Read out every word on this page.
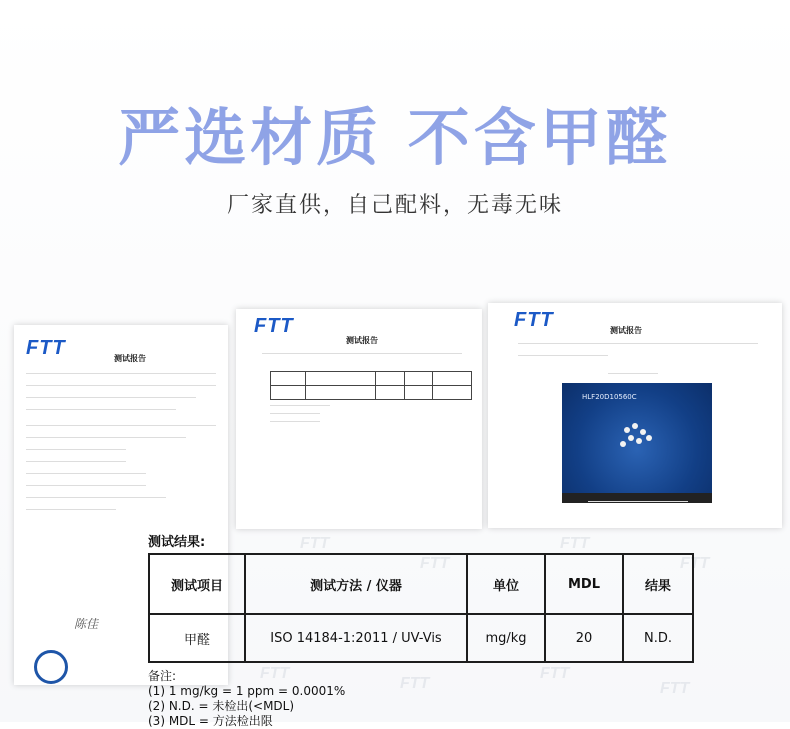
严选材质 不含甲醛
厂家直供，自己配料，无毒无味
FTT	测试报告
陈佳
FTT
测试报告
FTT	测试报告
HLF20D10560C
FTT
FTT
FTT
FTT
FTT
FTT
FTT
FTT
测试结果:
测试项目	测试方法 / 仪器	单位	MDL	结果
甲醛	ISO 14184-1:2011 / UV-Vis	mg/kg	20	N.D.
备注:
(1) 1 mg/kg = 1 ppm = 0.0001%
(2) N.D. = 未检出(<MDL)
(3) MDL = 方法检出限
